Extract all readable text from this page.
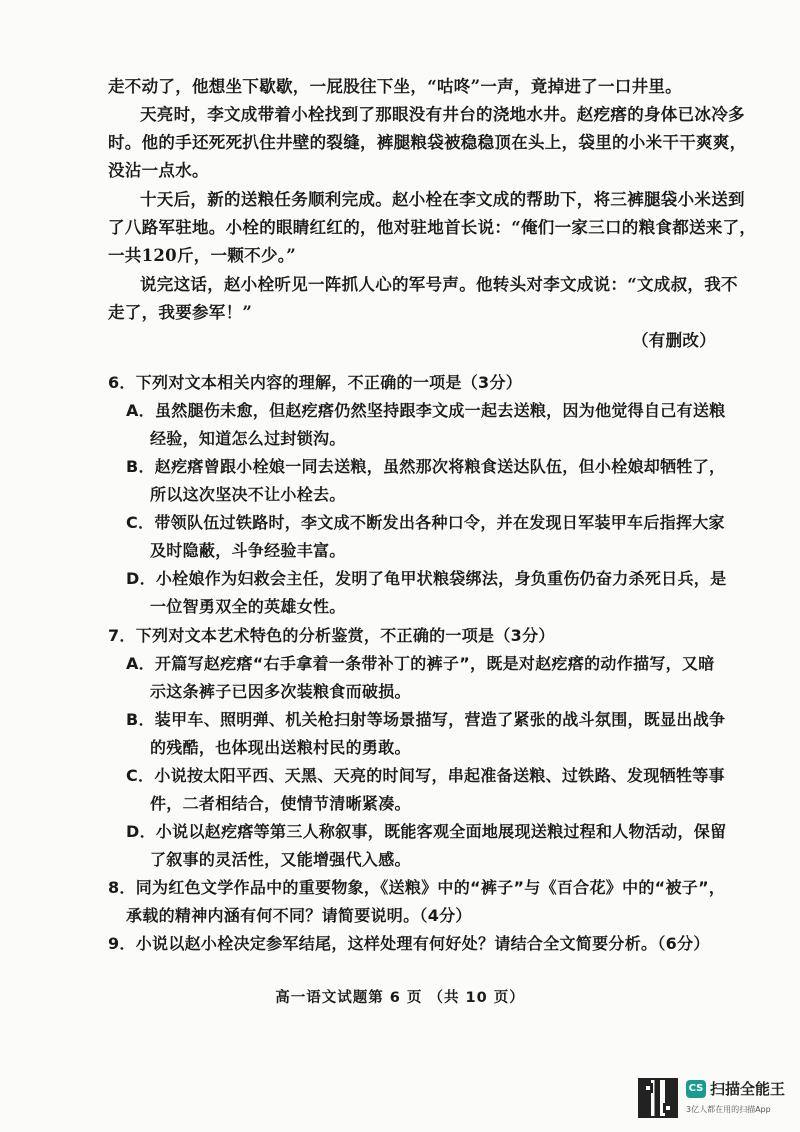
走不动了，他想坐下歇歇，一屁股往下坐，“咕咚”一声，竟掉进了一口井里。
天亮时，李文成带着小栓找到了那眼没有井台的浇地水井。赵疙瘩的身体已冰冷多
时。他的手还死死扒住井壁的裂缝，裤腿粮袋被稳稳顶在头上，袋里的小米干干爽爽，
没沾一点水。
十天后，新的送粮任务顺利完成。赵小栓在李文成的帮助下，将三裤腿袋小米送到
了八路军驻地。小栓的眼睛红红的，他对驻地首长说：“俺们一家三口的粮食都送来了，
一共120斤，一颗不少。”
说完这话，赵小栓听见一阵抓人心的军号声。他转头对李文成说：“文成叔，我不
走了，我要参军！”
（有删改）
6．下列对文本相关内容的理解，不正确的一项是（3分）
A．虽然腿伤未愈，但赵疙瘩仍然坚持跟李文成一起去送粮，因为他觉得自己有送粮
经验，知道怎么过封锁沟。
B．赵疙瘩曾跟小栓娘一同去送粮，虽然那次将粮食送达队伍，但小栓娘却牺牲了，
所以这次坚决不让小栓去。
C．带领队伍过铁路时，李文成不断发出各种口令，并在发现日军装甲车后指挥大家
及时隐蔽，斗争经验丰富。
D．小栓娘作为妇救会主任，发明了龟甲状粮袋绑法，身负重伤仍奋力杀死日兵，是
一位智勇双全的英雄女性。
7．下列对文本艺术特色的分析鉴赏，不正确的一项是（3分）
A．开篇写赵疙瘩“右手拿着一条带补丁的裤子”，既是对赵疙瘩的动作描写，又暗
示这条裤子已因多次装粮食而破损。
B．装甲车、照明弹、机关枪扫射等场景描写，营造了紧张的战斗氛围，既显出战争
的残酷，也体现出送粮村民的勇敢。
C．小说按太阳平西、天黑、天亮的时间写，串起准备送粮、过铁路、发现牺牲等事
件，二者相结合，使情节清晰紧凑。
D．小说以赵疙瘩等第三人称叙事，既能客观全面地展现送粮过程和人物活动，保留
了叙事的灵活性，又能增强代入感。
8．同为红色文学作品中的重要物象，《送粮》中的“裤子”与《百合花》中的“被子”，
承载的精神内涵有何不同？请简要说明。（4分）
9．小说以赵小栓决定参军结尾，这样处理有何好处？请结合全文简要分析。（6分）
高一语文试题第 6 页 （共 10 页）
CS 扫描全能王
3亿人都在用的扫描App
